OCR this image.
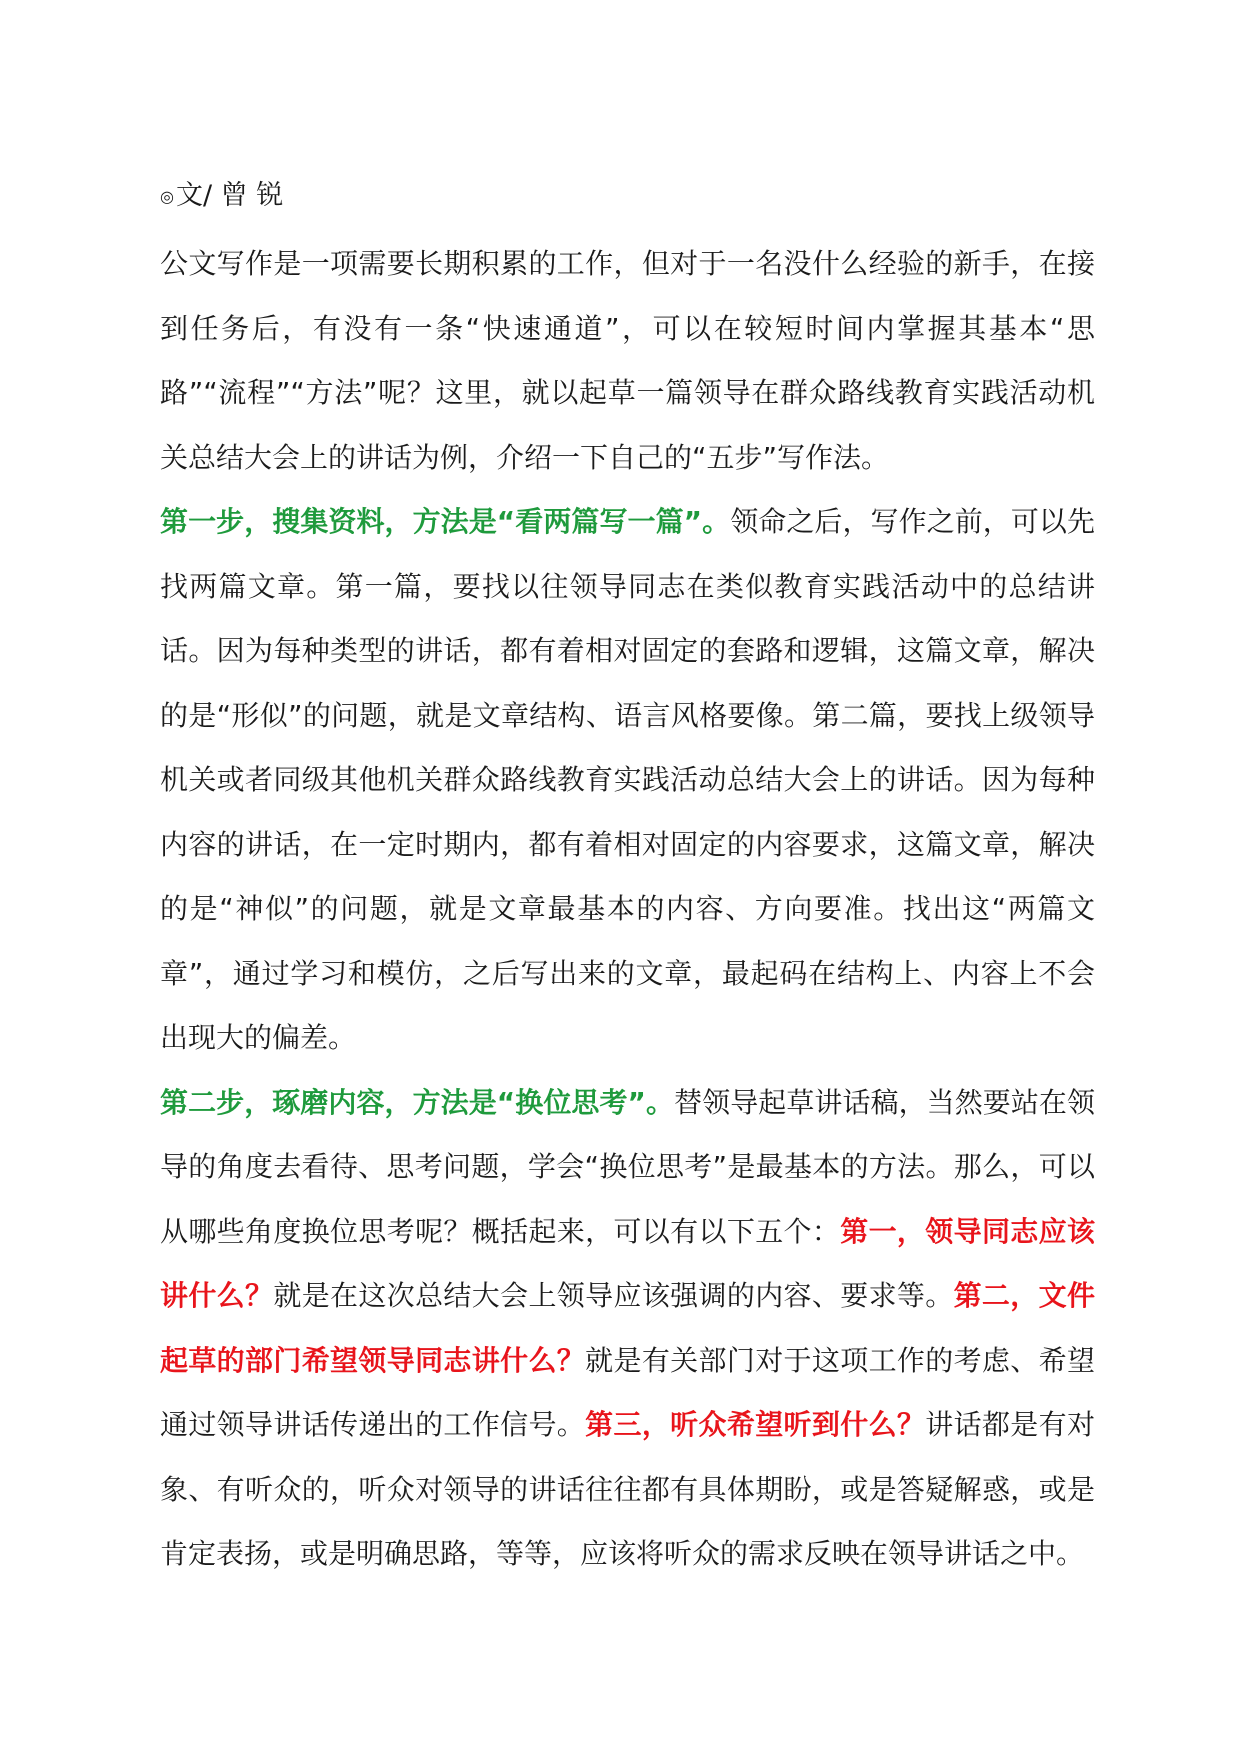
◎文/ 曾 锐

公文写作是一项需要长期积累的工作，但对于一名没什么经验的新手，在接到任务后，有没有一条“快速通道”，可以在较短时间内掌握其基本“思路”“流程”“方法”呢？这里，就以起草一篇领导在群众路线教育实践活动机关总结大会上的讲话为例，介绍一下自己的“五步”写作法。

第一步，搜集资料，方法是“看两篇写一篇”。领命之后，写作之前，可以先找两篇文章。第一篇，要找以往领导同志在类似教育实践活动中的总结讲话。因为每种类型的讲话，都有着相对固定的套路和逻辑，这篇文章，解决的是“形似”的问题，就是文章结构、语言风格要像。第二篇，要找上级领导机关或者同级其他机关群众路线教育实践活动总结大会上的讲话。因为每种内容的讲话，在一定时期内，都有着相对固定的内容要求，这篇文章，解决的是“神似”的问题，就是文章最基本的内容、方向要准。找出这“两篇文章”，通过学习和模仿，之后写出来的文章，最起码在结构上、内容上不会出现大的偏差。

第二步，琢磨内容，方法是“换位思考”。替领导起草讲话稿，当然要站在领导的角度去看待、思考问题，学会“换位思考”是最基本的方法。那么，可以从哪些角度换位思考呢？概括起来，可以有以下五个：第一，领导同志应该讲什么？就是在这次总结大会上领导应该强调的内容、要求等。第二，文件起草的部门希望领导同志讲什么？就是有关部门对于这项工作的考虑、希望通过领导讲话传递出的工作信号。第三，听众希望听到什么？讲话都是有对象、有听众的，听众对领导的讲话往往都有具体期盼，或是答疑解惑，或是肯定表扬，或是明确思路，等等，应该将听众的需求反映在领导讲话之中。
